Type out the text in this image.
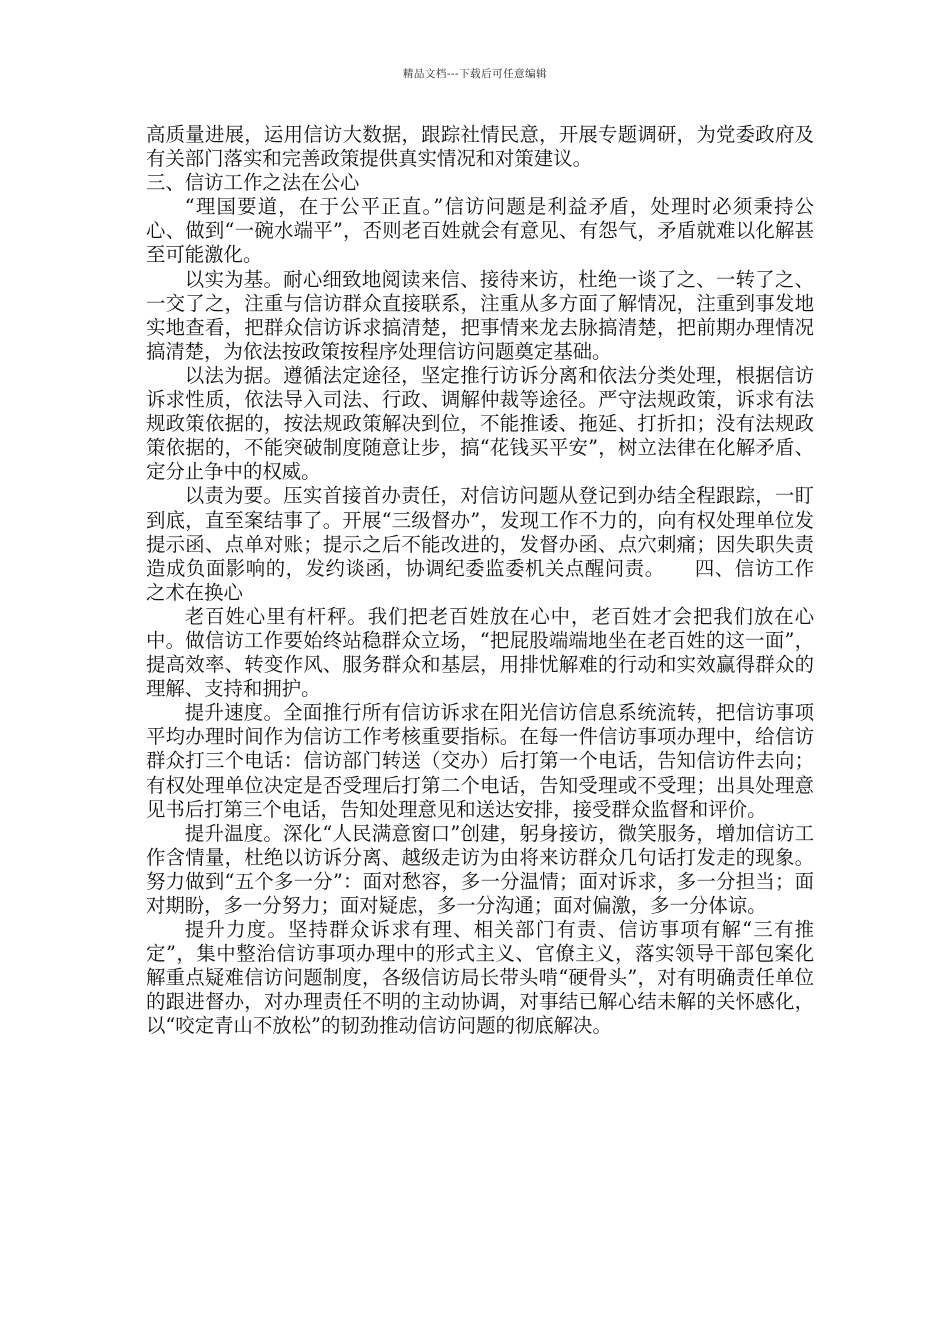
精品文档---下载后可任意编辑

高质量进展，运用信访大数据，跟踪社情民意，开展专题调研，为党委政府及有关部门落实和完善政策提供真实情况和对策建议。

三、信访工作之法在公心

“理国要道，在于公平正直。”信访问题是利益矛盾，处理时必须秉持公心、做到“一碗水端平”，否则老百姓就会有意见、有怨气，矛盾就难以化解甚至可能激化。

以实为基。耐心细致地阅读来信、接待来访，杜绝一谈了之、一转了之、一交了之，注重与信访群众直接联系，注重从多方面了解情况，注重到事发地实地查看，把群众信访诉求搞清楚，把事情来龙去脉搞清楚，把前期办理情况搞清楚，为依法按政策按程序处理信访问题奠定基础。

以法为据。遵循法定途径，坚定推行访诉分离和依法分类处理，根据信访诉求性质，依法导入司法、行政、调解仲裁等途径。严守法规政策，诉求有法规政策依据的，按法规政策解决到位，不能推诿、拖延、打折扣；没有法规政策依据的，不能突破制度随意让步，搞“花钱买平安”，树立法律在化解矛盾、定分止争中的权威。

以责为要。压实首接首办责任，对信访问题从登记到办结全程跟踪，一盯到底，直至案结事了。开展“三级督办”，发现工作不力的，向有权处理单位发提示函、点单对账；提示之后不能改进的，发督办函、点穴刺痛；因失职失责造成负面影响的，发约谈函，协调纪委监委机关点醒问责。　　四、信访工作之术在换心

老百姓心里有杆秤。我们把老百姓放在心中，老百姓才会把我们放在心中。做信访工作要始终站稳群众立场，“把屁股端端地坐在老百姓的这一面”，提高效率、转变作风、服务群众和基层，用排忧解难的行动和实效赢得群众的理解、支持和拥护。

提升速度。全面推行所有信访诉求在阳光信访信息系统流转，把信访事项平均办理时间作为信访工作考核重要指标。在每一件信访事项办理中，给信访群众打三个电话：信访部门转送（交办）后打第一个电话，告知信访件去向；有权处理单位决定是否受理后打第二个电话，告知受理或不受理；出具处理意见书后打第三个电话，告知处理意见和送达安排，接受群众监督和评价。

提升温度。深化“人民满意窗口”创建，躬身接访，微笑服务，增加信访工作含情量，杜绝以访诉分离、越级走访为由将来访群众几句话打发走的现象。努力做到“五个多一分”：面对愁容，多一分温情；面对诉求，多一分担当；面对期盼，多一分努力；面对疑虑，多一分沟通；面对偏激，多一分体谅。

提升力度。坚持群众诉求有理、相关部门有责、信访事项有解“三有推定”，集中整治信访事项办理中的形式主义、官僚主义，落实领导干部包案化解重点疑难信访问题制度，各级信访局长带头啃“硬骨头”，对有明确责任单位的跟进督办，对办理责任不明的主动协调，对事结已解心结未解的关怀感化，以“咬定青山不放松”的韧劲推动信访问题的彻底解决。
